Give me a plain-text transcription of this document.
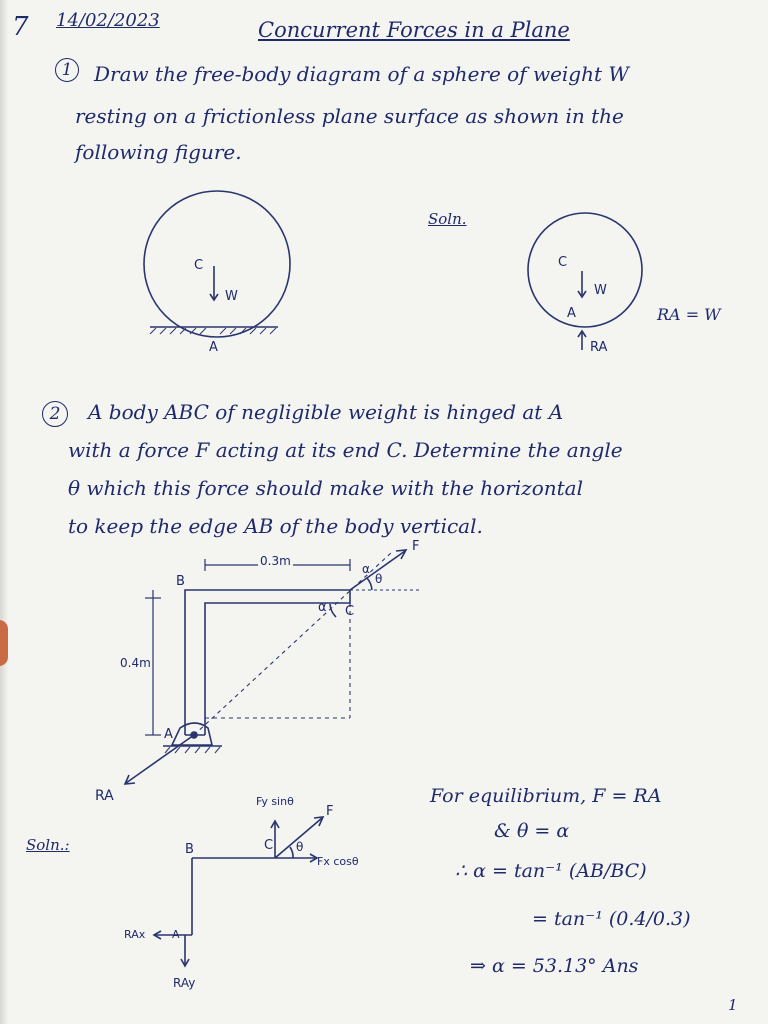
7 14/02/2023	Concurrent Forces in a Plane
1	Draw the free-body diagram of a sphere of weight W
resting on a frictionless plane surface as shown in the
following figure.
C
W
A
Soln.
C
W
A
RA
RA = W
2	A body ABC of negligible weight is hinged at A
with a force F acting at its end C. Determine the angle
θ which this force should make with the horizontal
to keep the edge AB of the body vertical.
0.3m
F
α
θ
B
α C
0.4m
A
RA
Soln.:
Fy sinθ
F
B	C θ
Fx cosθ
RAx A
RAy
For equilibrium, F = RA
& θ = α
∴ α = tan⁻¹ (AB/BC)
= tan⁻¹ (0.4/0.3)
⇒ α = 53.13° Ans
1
